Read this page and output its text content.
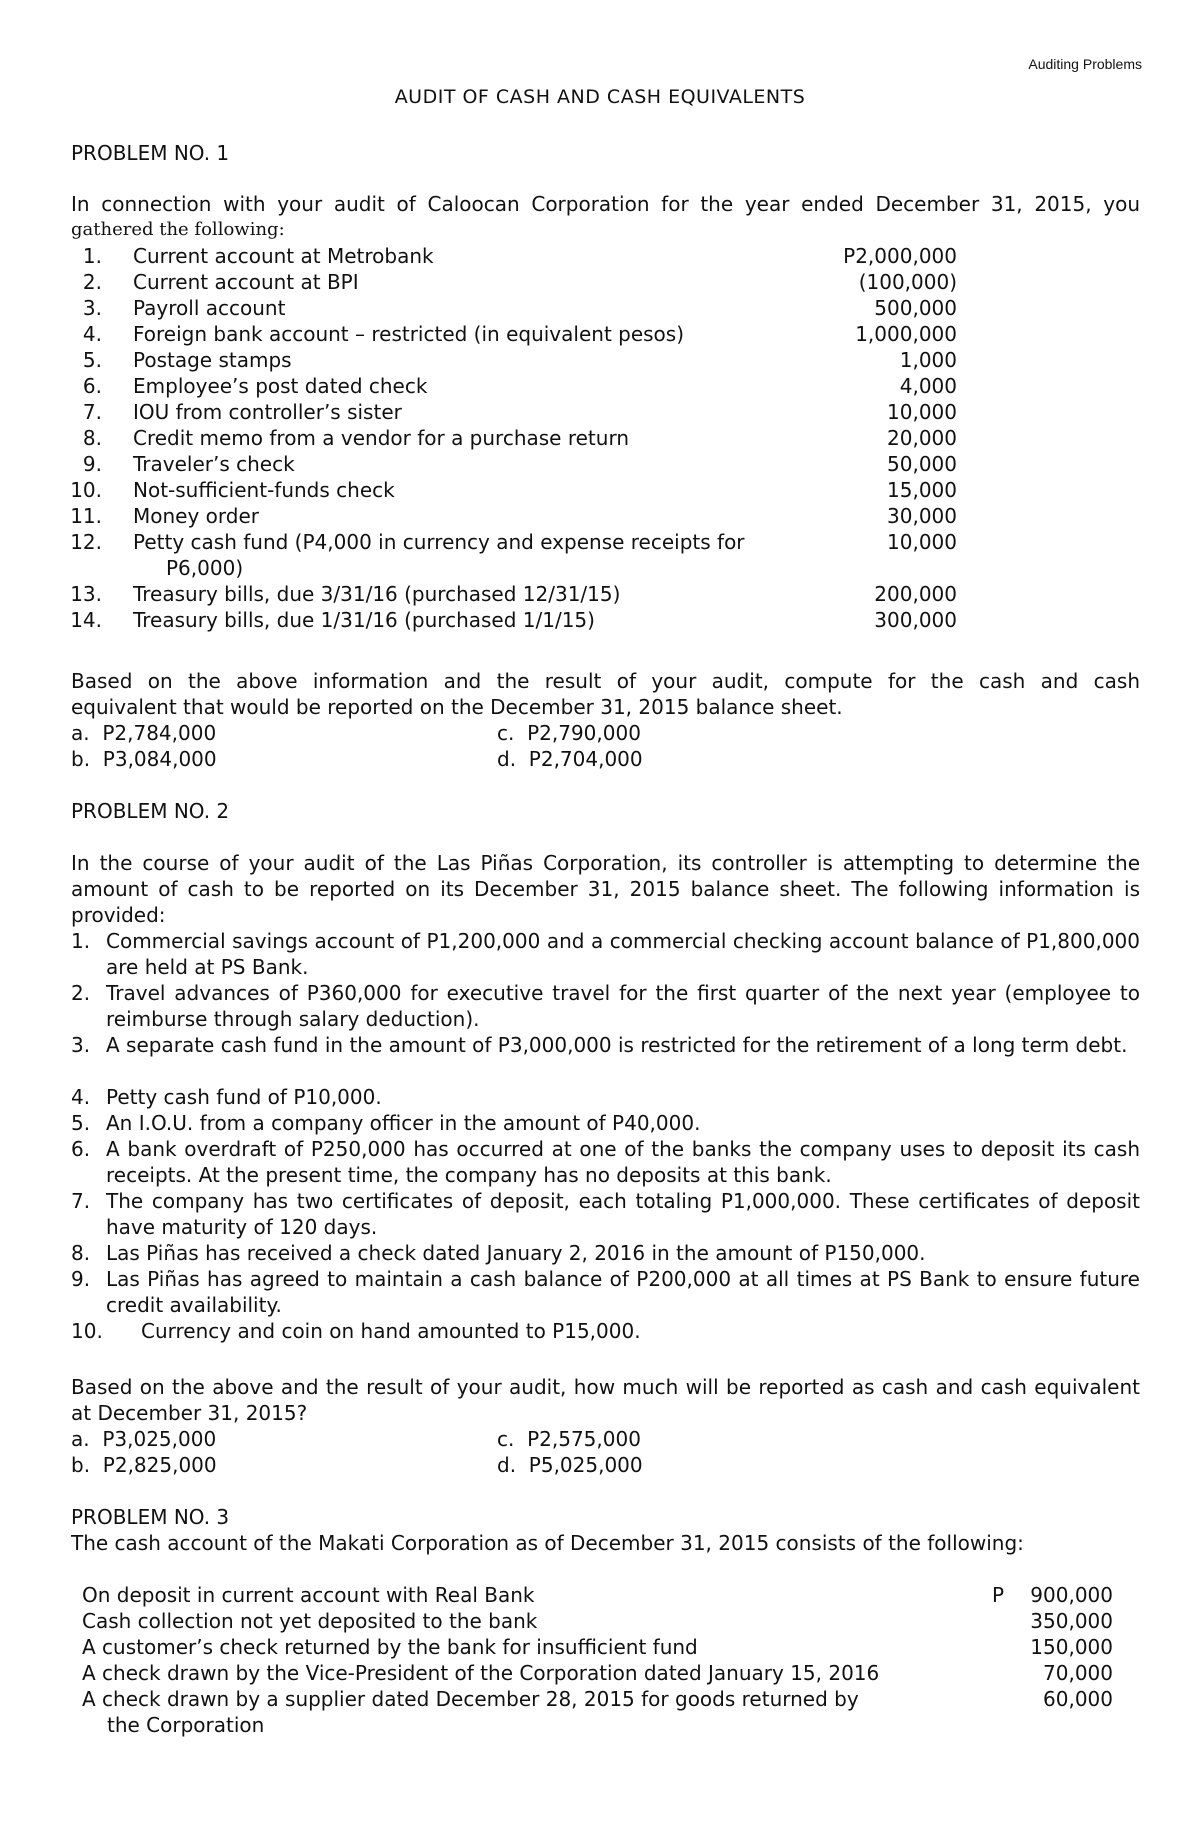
Auditing Problems
AUDIT OF CASH AND CASH EQUIVALENTS
PROBLEM NO. 1
In connection with your audit of Caloocan Corporation for the year ended December 31, 2015, you
gathered the following:
1. Current account at Metrobank	P2,000,000
2. Current account at BPI	(100,000)
3. Payroll account	500,000
4. Foreign bank account – restricted (in equivalent pesos)	1,000,000
5. Postage stamps	1,000
6. Employee’s post dated check	4,000
7. IOU from controller’s sister	10,000
8. Credit memo from a vendor for a purchase return	20,000
9. Traveler’s check	50,000
10. Not-sufficient-funds check	15,000
11. Money order	30,000
12. Petty cash fund (P4,000 in currency and expense receipts for	10,000
P6,000)
13. Treasury bills, due 3/31/16 (purchased 12/31/15)	200,000
14. Treasury bills, due 1/31/16 (purchased 1/1/15)	300,000
Based on the above information and the result of your audit, compute for the cash and cash
equivalent that would be reported on the December 31, 2015 balance sheet.
a. P2,784,000
b. P3,084,000
c. P2,790,000
d. P2,704,000
PROBLEM NO. 2
In the course of your audit of the Las Piñas Corporation, its controller is attempting to determine the amount of cash to be reported on its December 31, 2015 balance sheet. The following information is provided:
1. Commercial savings account of P1,200,000 and a commercial checking account balance of P1,800,000 are held at PS Bank.
2. Travel advances of P360,000 for executive travel for the first quarter of the next year (employee to reimburse through salary deduction).
3. A separate cash fund in the amount of P3,000,000 is restricted for the retirement of a long term debt.
4. Petty cash fund of P10,000.
5. An I.O.U. from a company officer in the amount of P40,000.
6. A bank overdraft of P250,000 has occurred at one of the banks the company uses to deposit its cash receipts. At the present time, the company has no deposits at this bank.
7. The company has two certificates of deposit, each totaling P1,000,000. These certificates of deposit have maturity of 120 days.
8. Las Piñas has received a check dated January 2, 2016 in the amount of P150,000.
9. Las Piñas has agreed to maintain a cash balance of P200,000 at all times at PS Bank to ensure future credit availability.
10. Currency and coin on hand amounted to P15,000.
Based on the above and the result of your audit, how much will be reported as cash and cash equivalent at December 31, 2015?
a. P3,025,000
b. P2,825,000
c. P2,575,000
d. P5,025,000
PROBLEM NO. 3
The cash account of the Makati Corporation as of December 31, 2015 consists of the following:
On deposit in current account with Real Bank	P	900,000
Cash collection not yet deposited to the bank	350,000
A customer’s check returned by the bank for insufficient fund	150,000
A check drawn by the Vice-President of the Corporation dated January 15, 2016	70,000
A check drawn by a supplier dated December 28, 2015 for goods returned by	60,000
the Corporation
